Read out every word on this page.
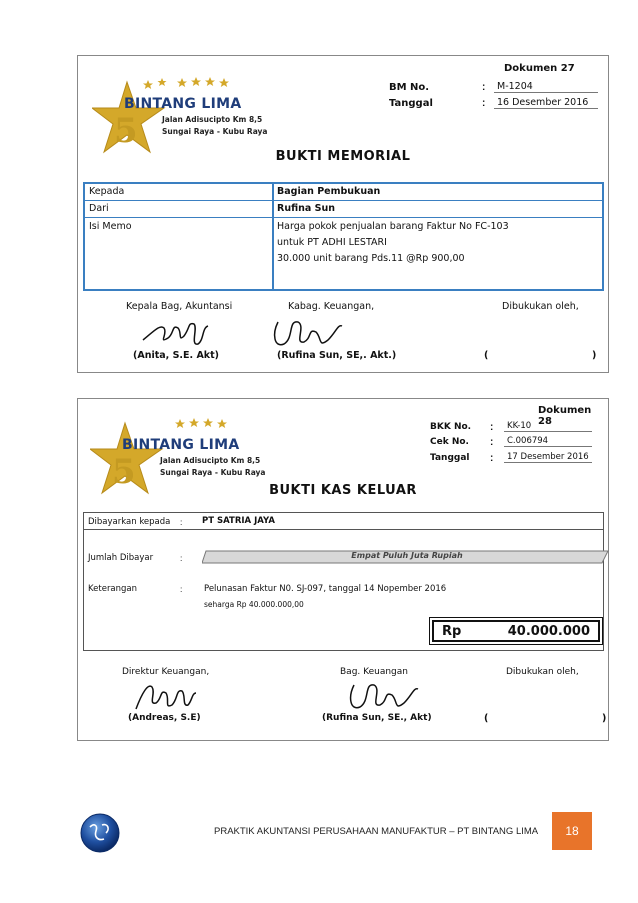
Dokumen 27
5
BINTANG LIMA
Jalan Adisucipto Km 8,5
Sungai Raya - Kubu Raya
BM No.	:	M-1204
Tanggal	:	16 Desember 2016
BUKTI MEMORIAL
Kepada	Bagian Pembukuan
Dari	Rufina Sun
Isi Memo	Harga pokok penjualan barang Faktur No FC-103
untuk PT ADHI LESTARI
30.000 unit barang Pds.11 @Rp 900,00
Kepala Bag, Akuntansi	Kabag. Keuangan,	Dibukukan oleh,
(Anita, S.E. Akt)	(Rufina Sun, SE,. Akt.)	(	)
Dokumen 28
5
BINTANG LIMA
Jalan Adisucipto Km 8,5
Sungai Raya - Kubu Raya
BKK No. :	KK-10
Cek No. :	C.006794
Tanggal :	17 Desember 2016
BUKTI KAS KELUAR
Dibayarkan kepada : PT SATRIA JAYA
Jumlah Dibayar	:	Empat Puluh Juta Rupiah
Keterangan	:	Pelunasan Faktur N0. SJ-097, tanggal 14 Nopember 2016
seharga Rp 40.000.000,00
Rp	40.000.000
Direktur Keuangan,	Bag. Keuangan	Dibukukan oleh,
(Andreas, S.E)	(Rufina Sun, SE., Akt)	(	)
PRAKTIK AKUNTANSI PERUSAHAAN MANUFAKTUR – PT BINTANG LIMA	18
